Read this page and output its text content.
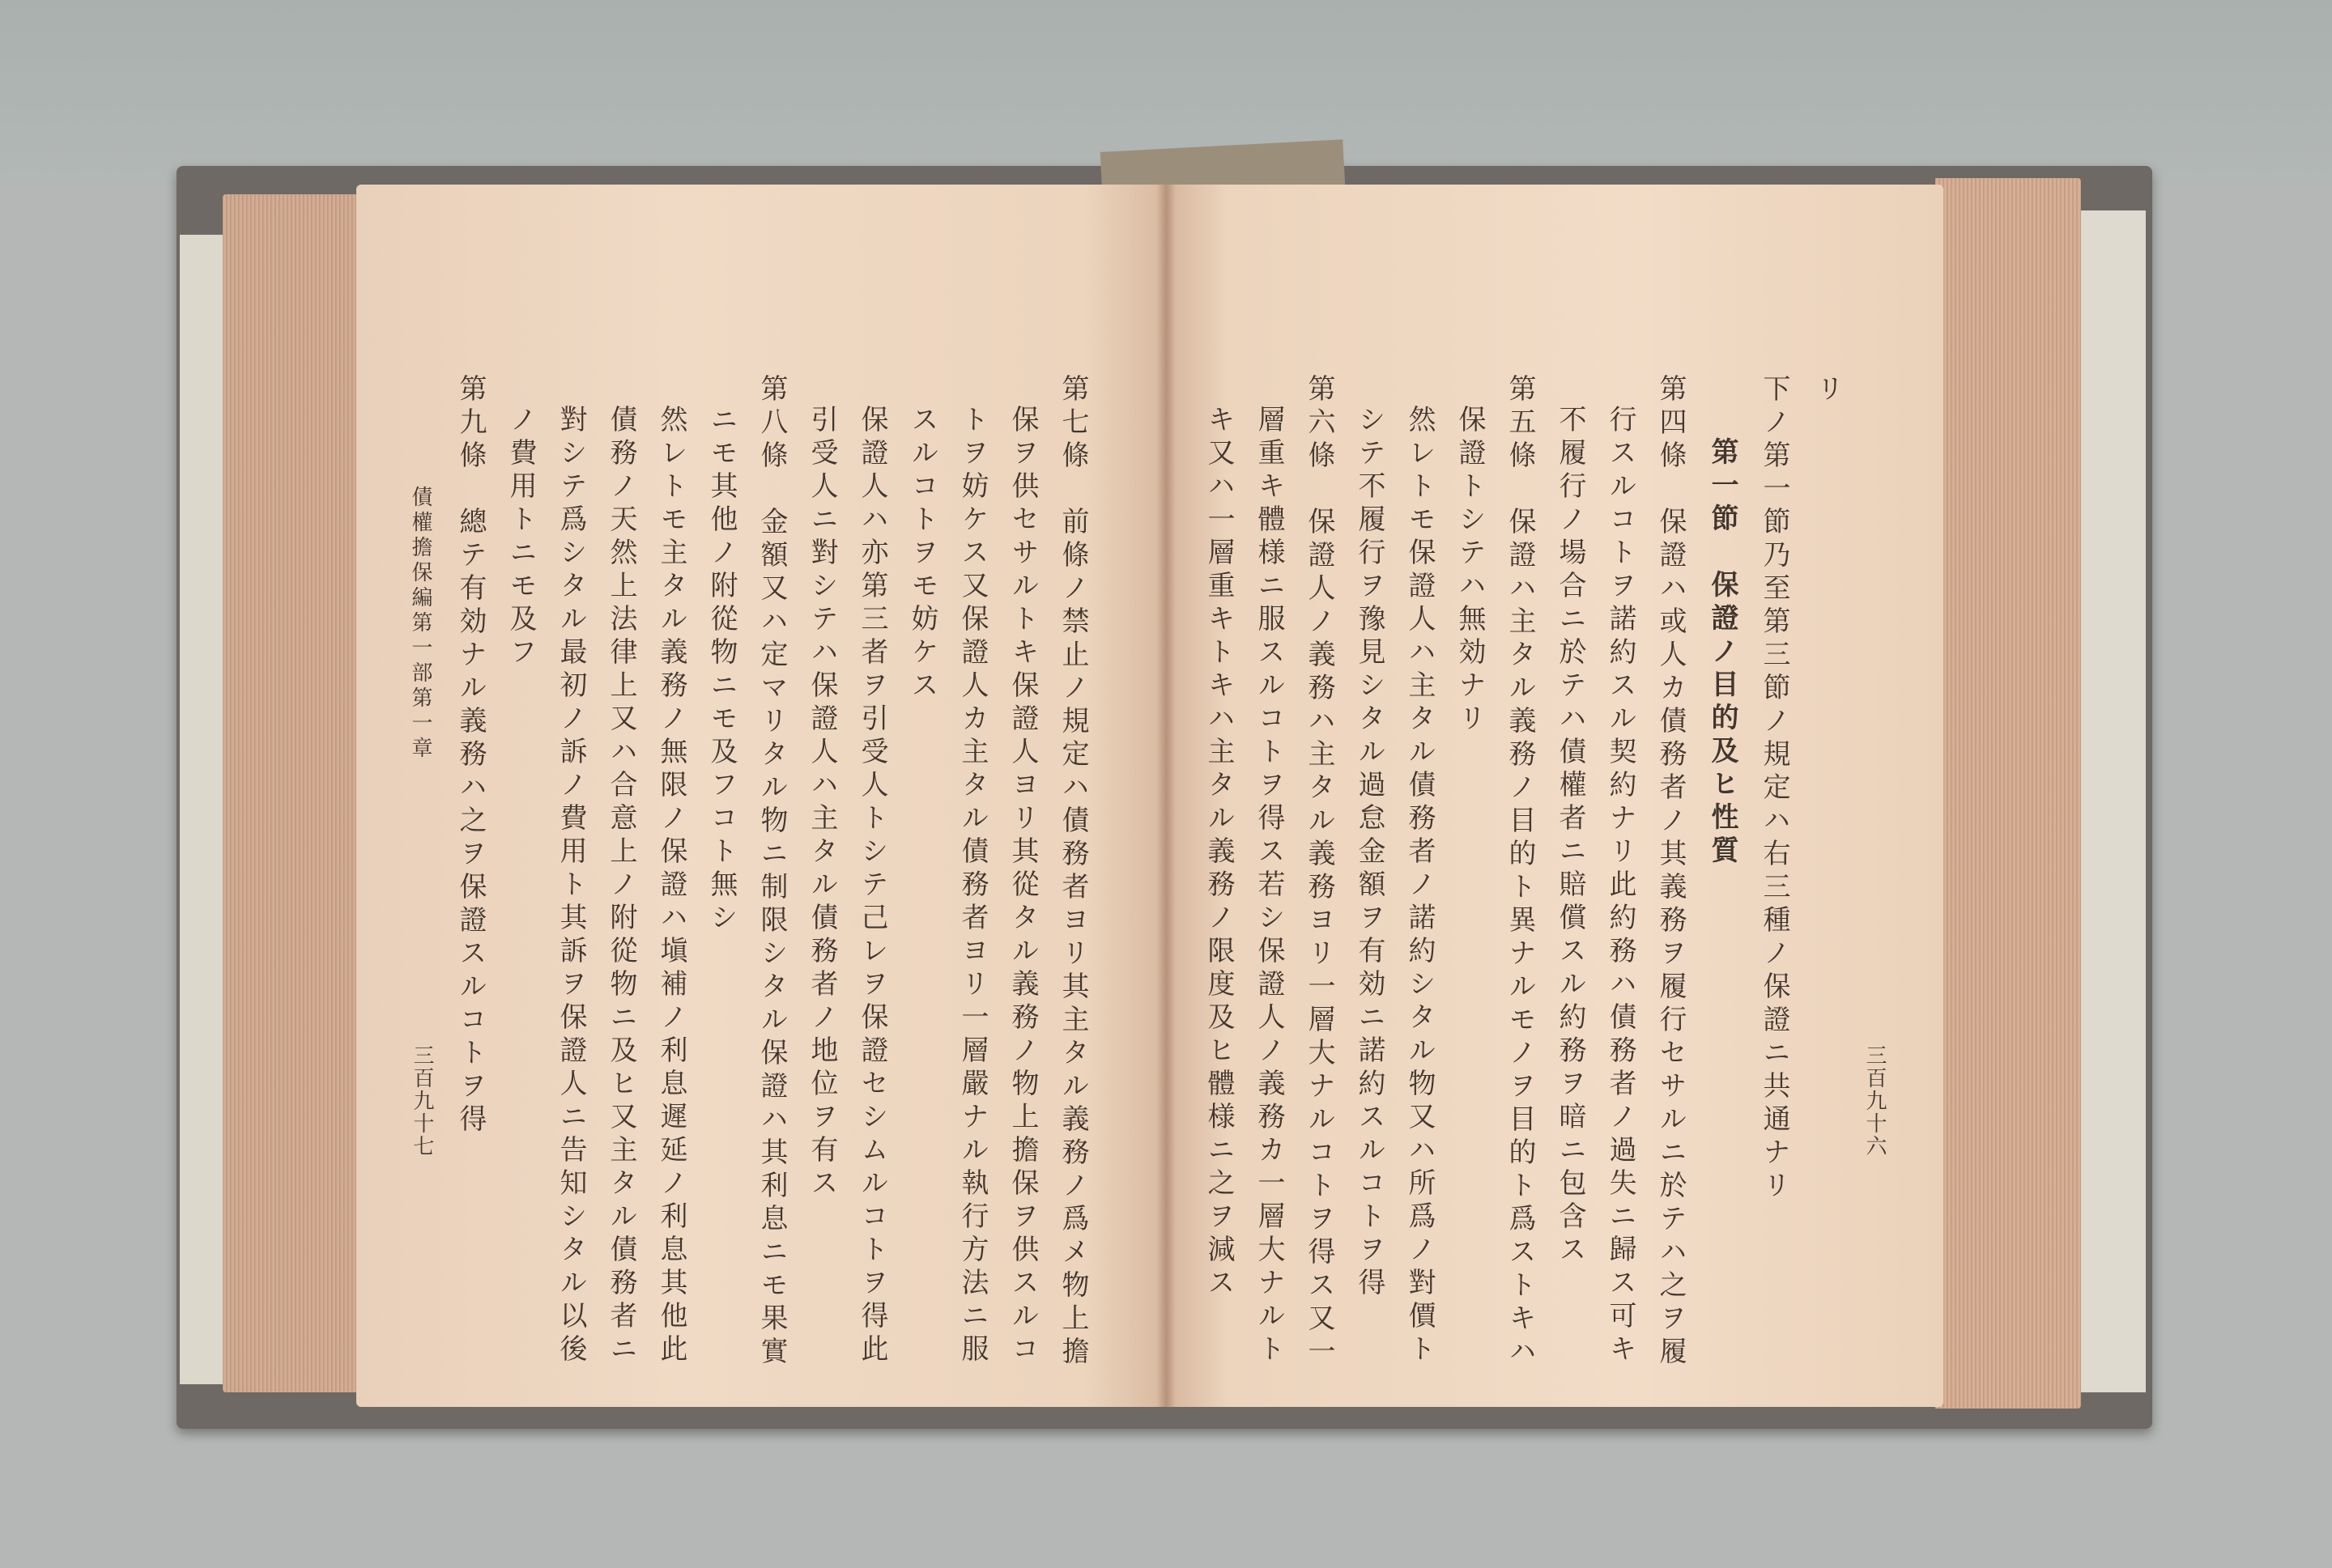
三百九十六
リ
下ノ第一節乃至第三節ノ規定ハ右三種ノ保證ニ共通ナリ
第一節　保證ノ目的及ヒ性質
第四條　保證ハ或人カ債務者ノ其義務ヲ履行セサルニ於テハ之ヲ履
行スルコトヲ諾約スル契約ナリ此約務ハ債務者ノ過失ニ歸ス可キ
不履行ノ場合ニ於テハ債權者ニ賠償スル約務ヲ暗ニ包含ス
第五條　保證ハ主タル義務ノ目的ト異ナルモノヲ目的ト爲ストキハ
保證トシテハ無効ナリ
然レトモ保證人ハ主タル債務者ノ諾約シタル物又ハ所爲ノ對價ト
シテ不履行ヲ豫見シタル過怠金額ヲ有効ニ諾約スルコトヲ得
第六條　保證人ノ義務ハ主タル義務ヨリ一層大ナルコトヲ得ス又一
層重キ體様ニ服スルコトヲ得ス若シ保證人ノ義務カ一層大ナルト
キ又ハ一層重キトキハ主タル義務ノ限度及ヒ體様ニ之ヲ減ス
第七條　前條ノ禁止ノ規定ハ債務者ヨリ其主タル義務ノ爲メ物上擔
保ヲ供セサルトキ保證人ヨリ其從タル義務ノ物上擔保ヲ供スルコ
トヲ妨ケス又保證人カ主タル債務者ヨリ一層嚴ナル執行方法ニ服
スルコトヲモ妨ケス
保證人ハ亦第三者ヲ引受人トシテ己レヲ保證セシムルコトヲ得此
引受人ニ對シテハ保證人ハ主タル債務者ノ地位ヲ有ス
第八條　金額又ハ定マリタル物ニ制限シタル保證ハ其利息ニモ果實
ニモ其他ノ附從物ニモ及フコト無シ
然レトモ主タル義務ノ無限ノ保證ハ塡補ノ利息遲延ノ利息其他此
債務ノ天然上法律上又ハ合意上ノ附從物ニ及ヒ又主タル債務者ニ
對シテ爲シタル最初ノ訴ノ費用ト其訴ヲ保證人ニ告知シタル以後
ノ費用トニモ及フ
第九條　總テ有効ナル義務ハ之ヲ保證スルコトヲ得
債權擔保編第一部第一章
三百九十七
